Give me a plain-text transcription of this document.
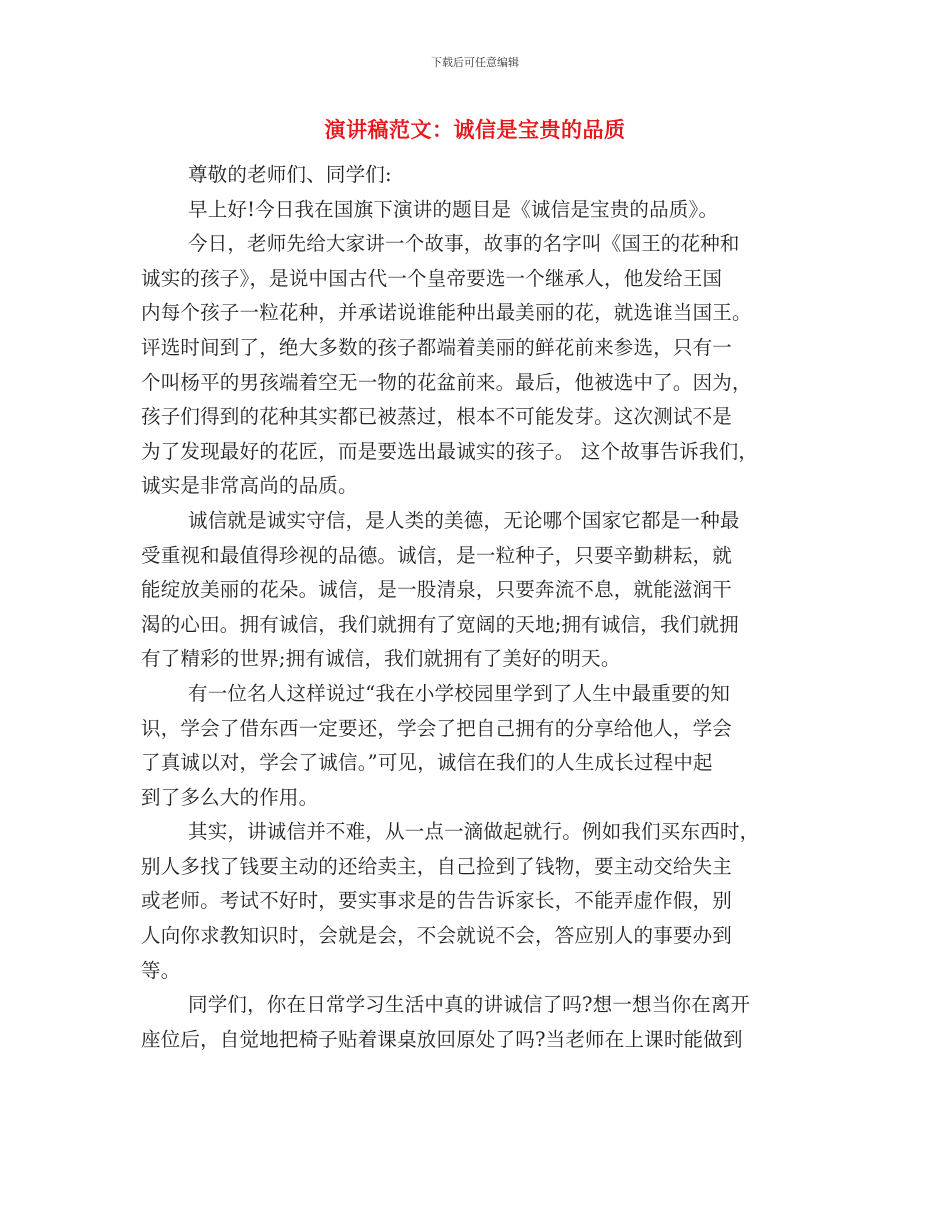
下载后可任意编辑
演讲稿范文：诚信是宝贵的品质
尊敬的老师们、同学们:
早上好!今日我在国旗下演讲的题目是《诚信是宝贵的品质》。
今日，老师先给大家讲一个故事，故事的名字叫《国王的花种和
诚实的孩子》，是说中国古代一个皇帝要选一个继承人，他发给王国
内每个孩子一粒花种，并承诺说谁能种出最美丽的花，就选谁当国王。
评选时间到了，绝大多数的孩子都端着美丽的鲜花前来参选，只有一
个叫杨平的男孩端着空无一物的花盆前来。最后，他被选中了。因为，
孩子们得到的花种其实都已被蒸过，根本不可能发芽。这次测试不是
为了发现最好的花匠，而是要选出最诚实的孩子。 这个故事告诉我们，
诚实是非常高尚的品质。
诚信就是诚实守信，是人类的美德，无论哪个国家它都是一种最
受重视和最值得珍视的品德。诚信，是一粒种子，只要辛勤耕耘，就
能绽放美丽的花朵。诚信，是一股清泉，只要奔流不息，就能滋润干
渴的心田。拥有诚信，我们就拥有了宽阔的天地;拥有诚信，我们就拥
有了精彩的世界;拥有诚信，我们就拥有了美好的明天。
有一位名人这样说过“我在小学校园里学到了人生中最重要的知
识，学会了借东西一定要还，学会了把自己拥有的分享给他人，学会
了真诚以对，学会了诚信。”可见，诚信在我们的人生成长过程中起
到了多么大的作用。
其实，讲诚信并不难，从一点一滴做起就行。例如我们买东西时，
别人多找了钱要主动的还给卖主，自己捡到了钱物，要主动交给失主
或老师。考试不好时，要实事求是的告告诉家长，不能弄虚作假，别
人向你求教知识时，会就是会，不会就说不会，答应别人的事要办到
等。
同学们，你在日常学习生活中真的讲诚信了吗?想一想当你在离开
座位后，自觉地把椅子贴着课桌放回原处了吗?当老师在上课时能做到
